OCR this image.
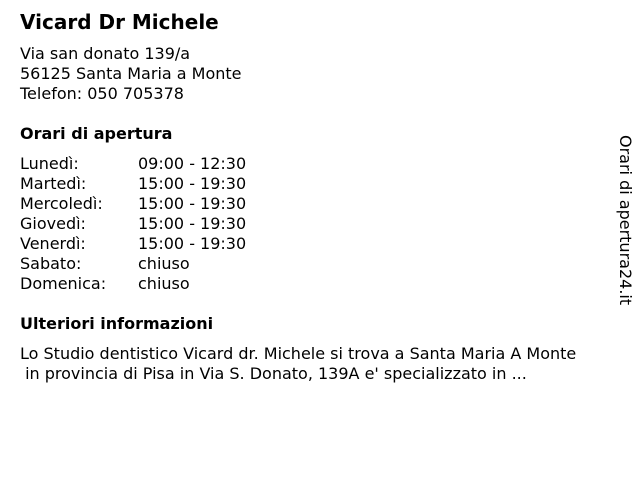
Vicard Dr Michele
Via san donato 139/a
56125 Santa Maria a Monte
Telefon: 050 705378
Orari di apertura
Lunedì:	09:00 - 12:30
Martedì:	15:00 - 19:30
Mercoledì:	15:00 - 19:30
Giovedì:	15:00 - 19:30
Venerdì:	15:00 - 19:30
Sabato:	chiuso
Domenica:	chiuso
Ulteriori informazioni
Lo Studio dentistico Vicard dr. Michele si trova a Santa Maria A Monte
in provincia di Pisa in Via S. Donato, 139A e' specializzato in ...
Orari di apertura24.it
